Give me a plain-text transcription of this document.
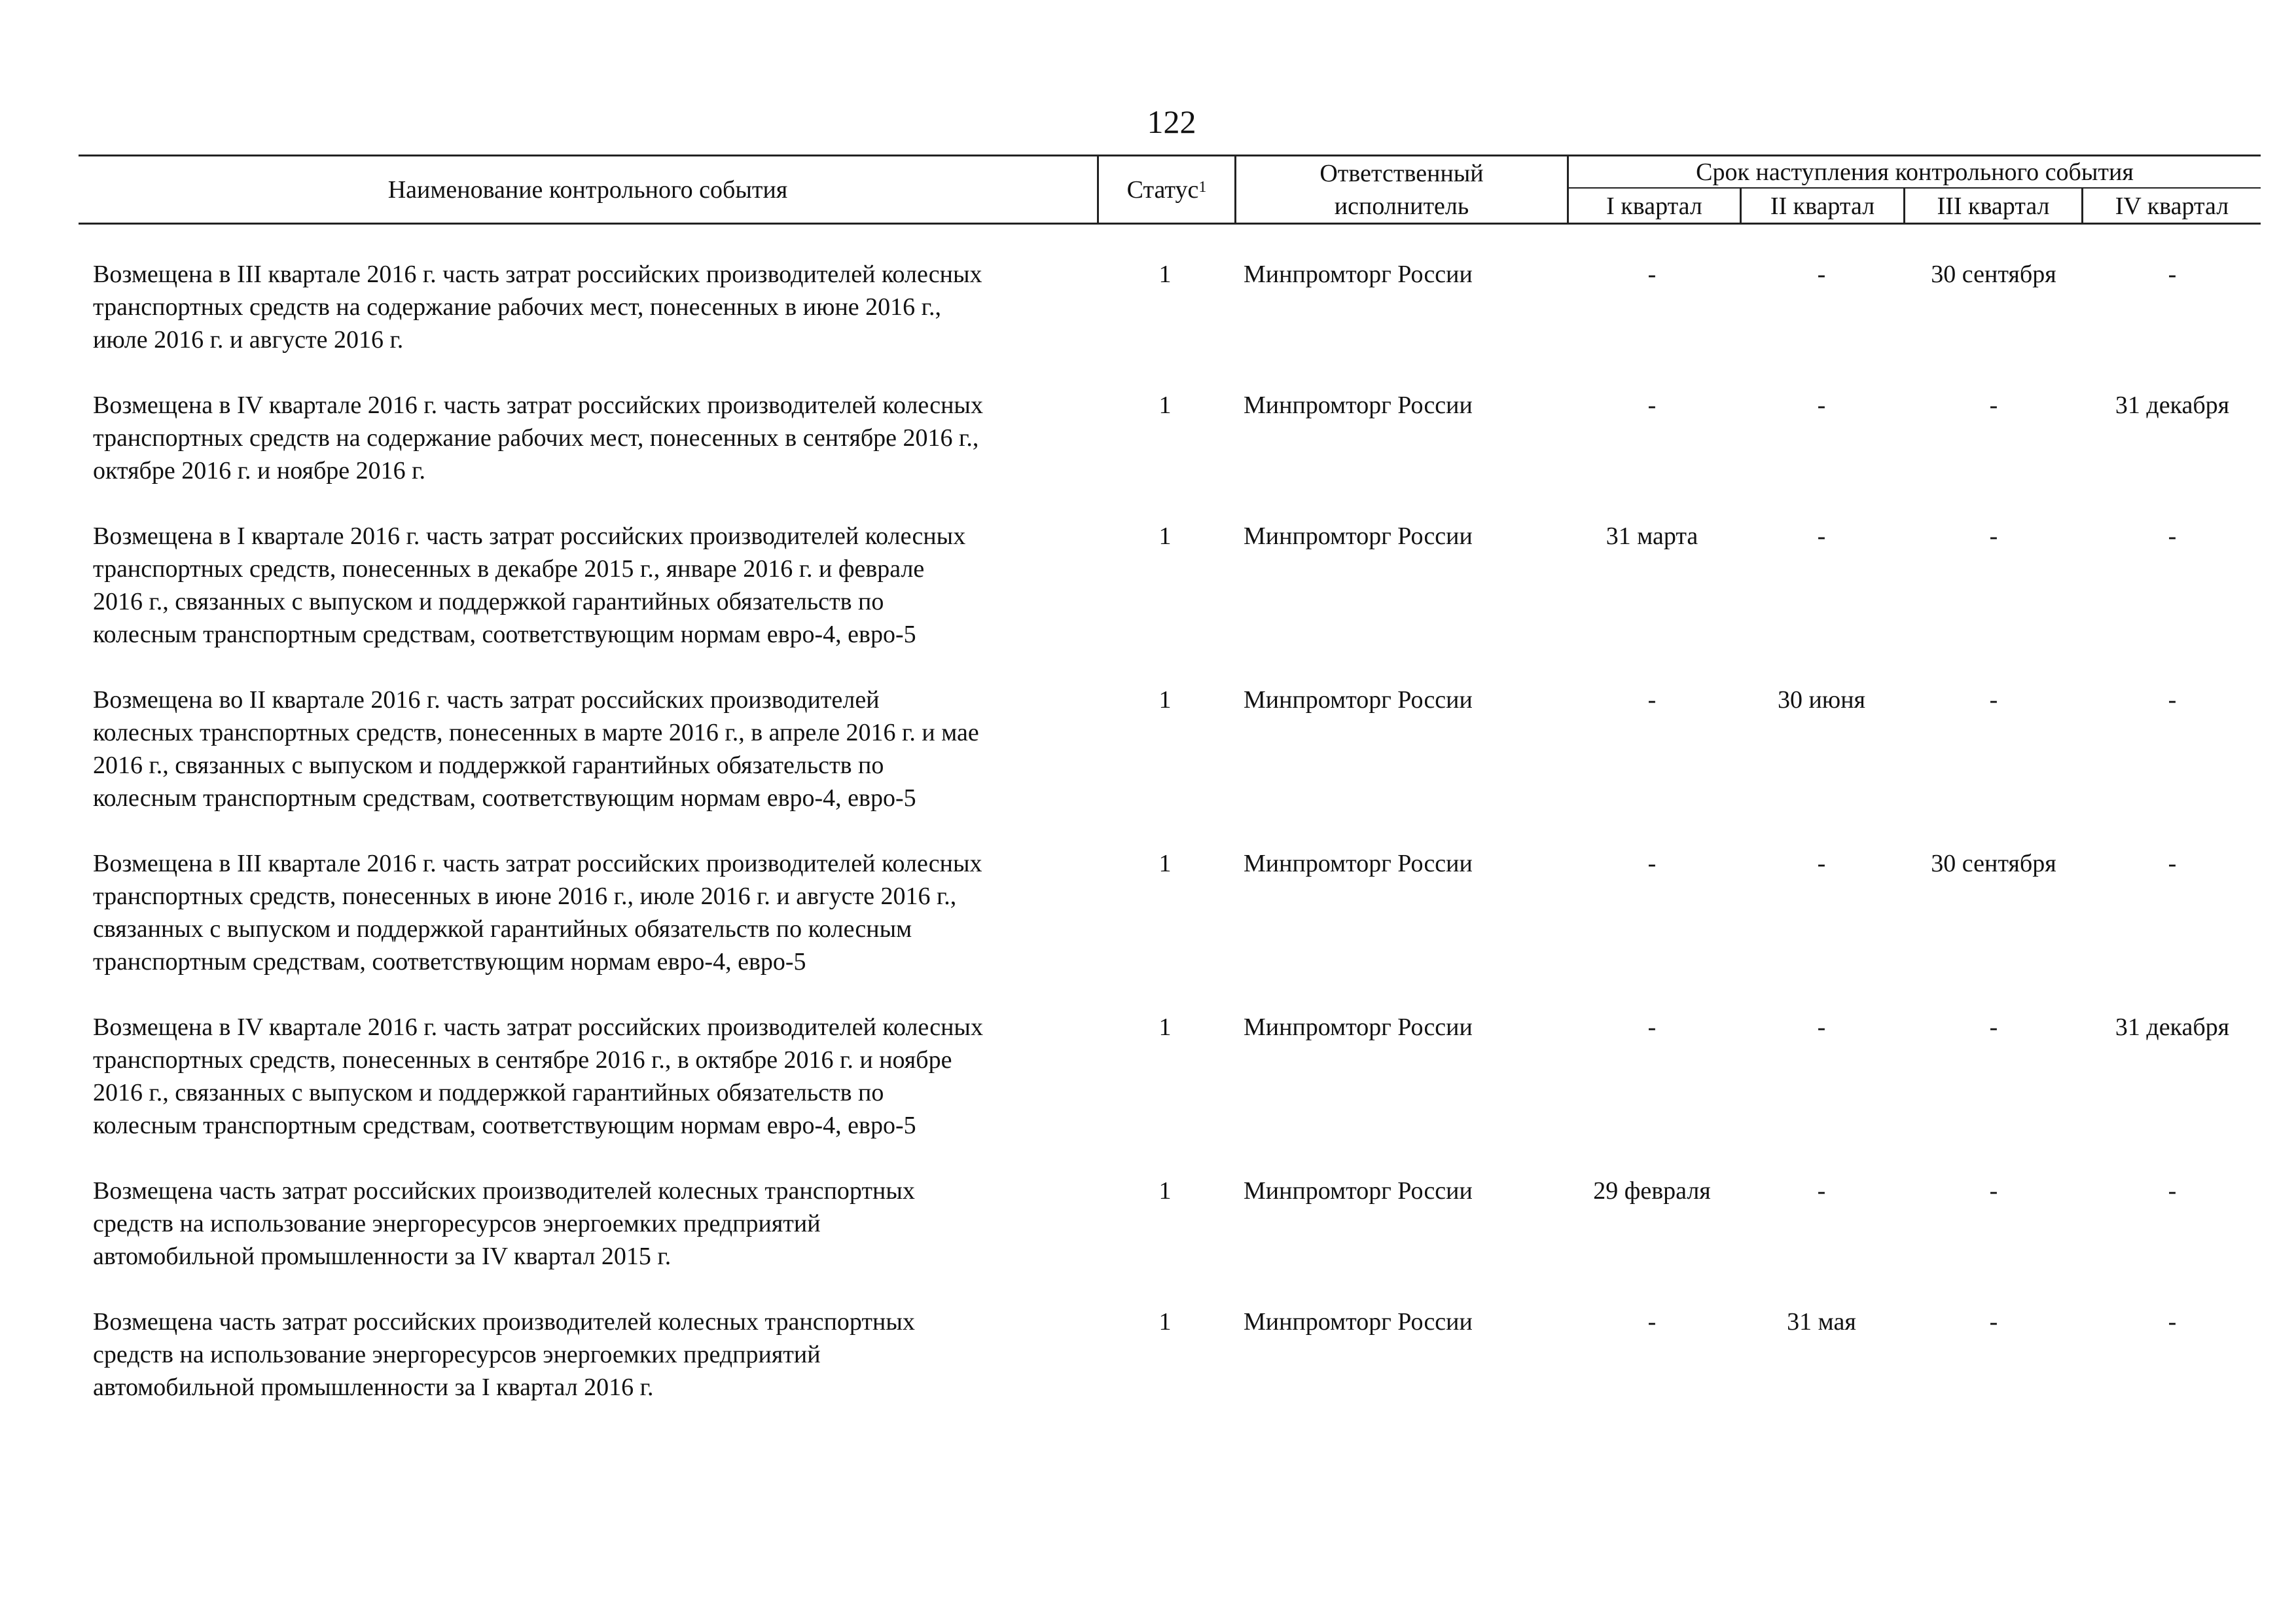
122
Наименование контрольного события	Статус$^1$	Ответственный
исполнитель
Срок наступления контрольного события
I квартал	II квартал	III квартал	IV квартал
Возмещена в III квартале 2016 г. часть затрат российских производителей колесных
транспортных средств на содержание рабочих мест, понесенных в июне 2016 г.,
июле 2016 г. и августе 2016 г.
1	Минпромторг России	-	-	30 сентября	-
Возмещена в IV квартале 2016 г. часть затрат российских производителей колесных
транспортных средств на содержание рабочих мест, понесенных в сентябре 2016 г.,
октябре 2016 г. и ноябре 2016 г.
1	Минпромторг России	-	-	-	31 декабря
Возмещена в I квартале 2016 г. часть затрат российских производителей колесных
транспортных средств, понесенных в декабре 2015 г., январе 2016 г. и феврале
2016 г., связанных с выпуском и поддержкой гарантийных обязательств по
колесным транспортным средствам, соответствующим нормам евро-4, евро-5
1	Минпромторг России	31 марта	-	-	-
Возмещена во II квартале 2016 г. часть затрат российских производителей
колесных транспортных средств, понесенных в марте 2016 г., в апреле 2016 г. и мае
2016 г., связанных с выпуском и поддержкой гарантийных обязательств по
колесным транспортным средствам, соответствующим нормам евро-4, евро-5
1	Минпромторг России	-	30 июня	-	-
Возмещена в III квартале 2016 г. часть затрат российских производителей колесных
транспортных средств, понесенных в июне 2016 г., июле 2016 г. и августе 2016 г.,
связанных с выпуском и поддержкой гарантийных обязательств по колесным
транспортным средствам, соответствующим нормам евро-4, евро-5
1	Минпромторг России	-	-	30 сентября	-
Возмещена в IV квартале 2016 г. часть затрат российских производителей колесных
транспортных средств, понесенных в сентябре 2016 г., в октябре 2016 г. и ноябре
2016 г., связанных с выпуском и поддержкой гарантийных обязательств по
колесным транспортным средствам, соответствующим нормам евро-4, евро-5
1	Минпромторг России	-	-	-	31 декабря
Возмещена часть затрат российских производителей колесных транспортных
средств на использование энергоресурсов энергоемких предприятий
автомобильной промышленности за IV квартал 2015 г.
1	Минпромторг России	29 февраля	-	-	-
Возмещена часть затрат российских производителей колесных транспортных
средств на использование энергоресурсов энергоемких предприятий
автомобильной промышленности за I квартал 2016 г.
1	Минпромторг России	-	31 мая	-	-
